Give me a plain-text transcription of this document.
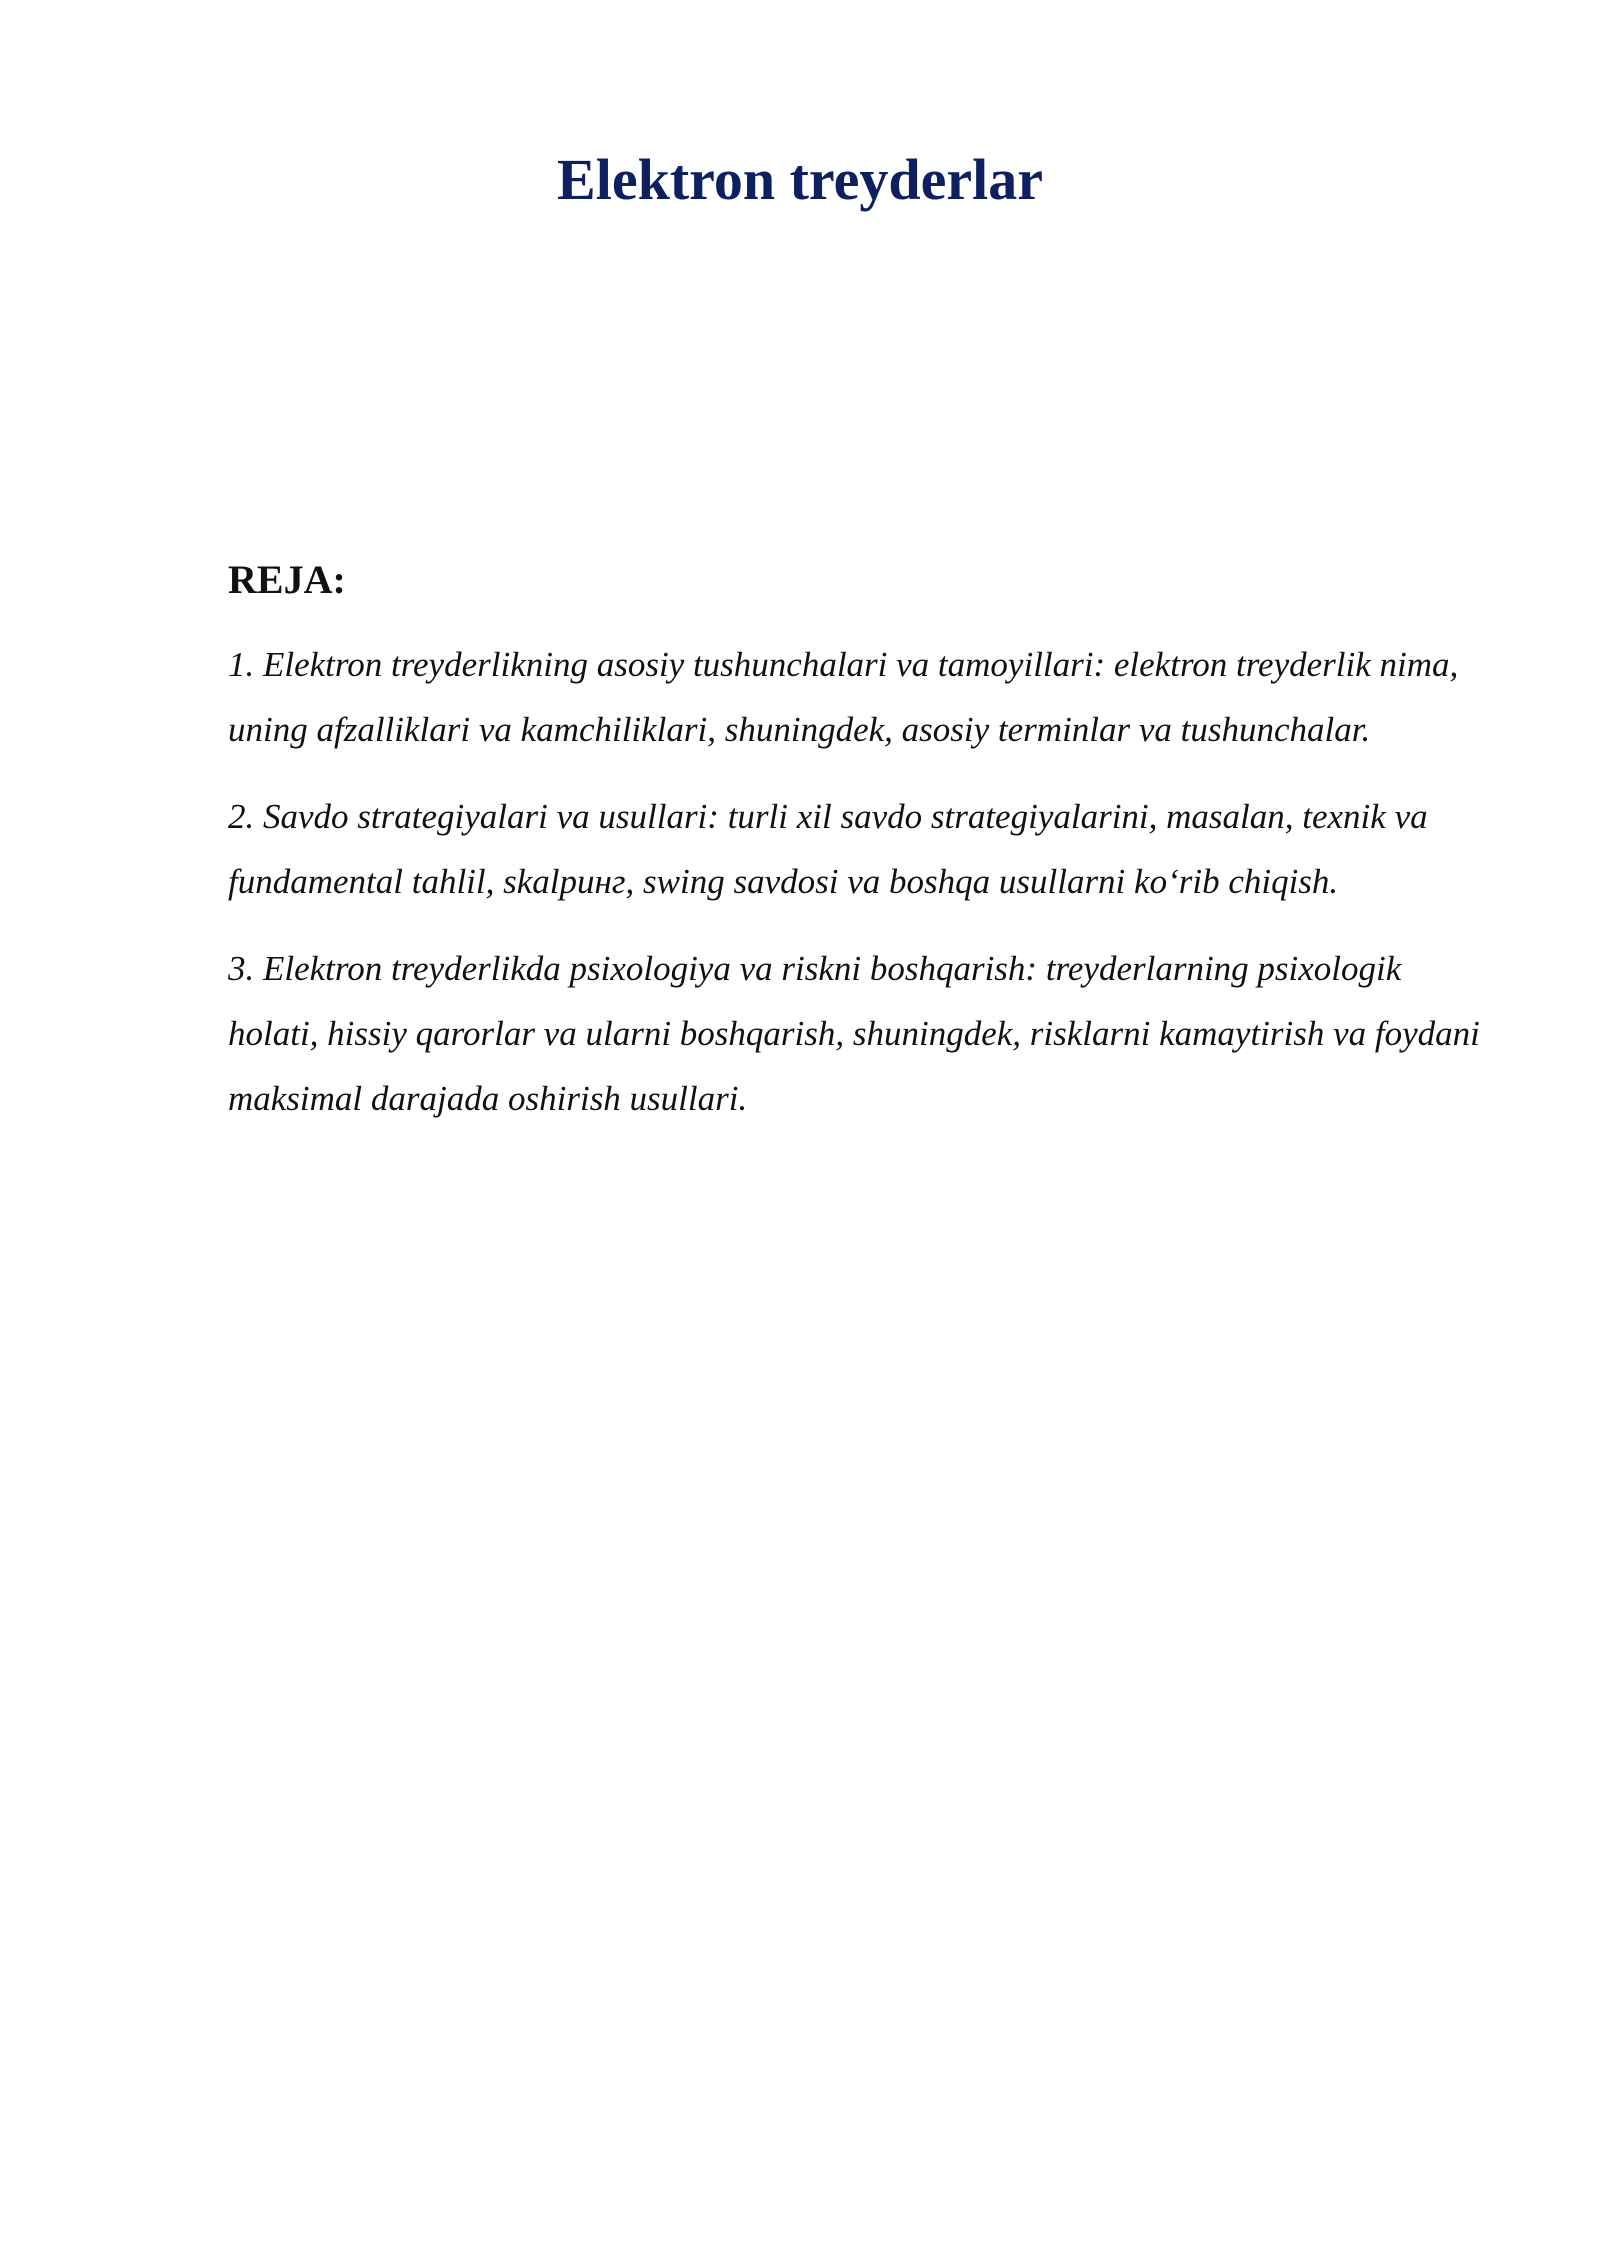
Elektron treyderlar
REJA:

1. Elektron treyderlikning asosiy tushunchalari va tamoyillari: elektron treyderlik nima, uning afzalliklari va kamchiliklari, shuningdek, asosiy terminlar va tushunchalar.

2. Savdo strategiyalari va usullari: turli xil savdo strategiyalarini, masalan, texnik va fundamental tahlil, skalpинг, swing savdosi va boshqa usullarni ko‘rib chiqish.

3. Elektron treyderlikda psixologiya va riskni boshqarish: treyderlarning psixologik holati, hissiy qarorlar va ularni boshqarish, shuningdek, risklarni kamaytirish va foydani maksimal darajada oshirish usullari.
